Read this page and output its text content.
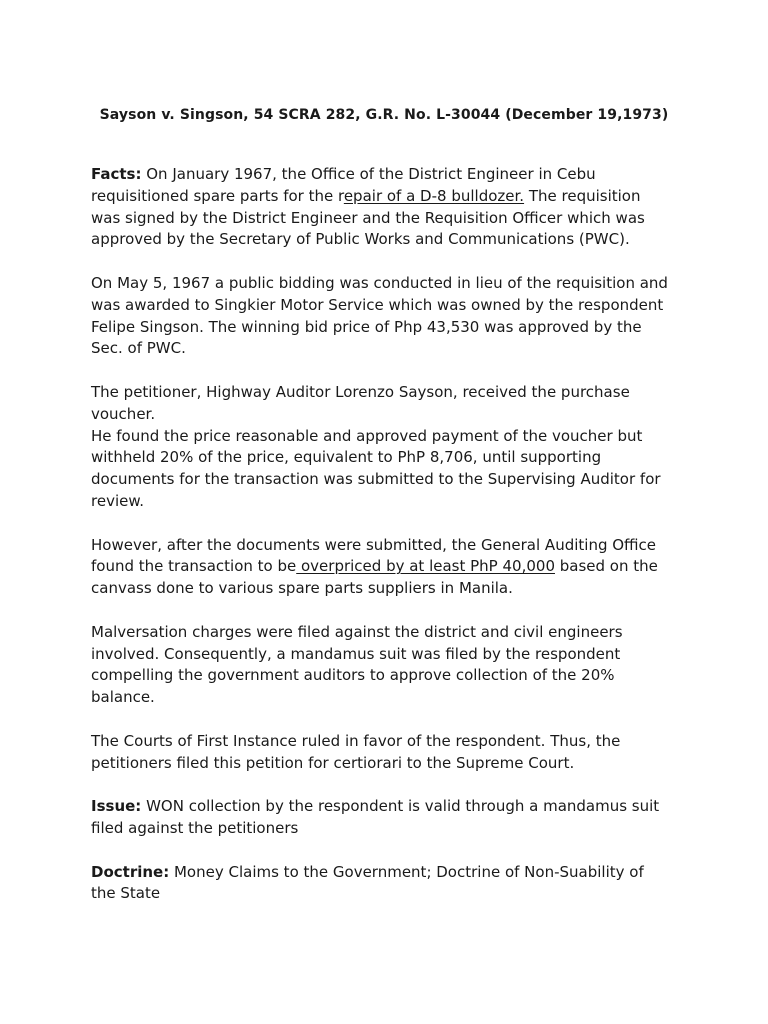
Sayson v. Singson, 54 SCRA 282, G.R. No. L-30044 (December 19,1973)
Facts: On January 1967, the Office of the District Engineer in Cebu
requisitioned spare parts for the repair of a D-8 bulldozer. The requisition
was signed by the District Engineer and the Requisition Officer which was
approved by the Secretary of Public Works and Communications (PWC).
On May 5, 1967 a public bidding was conducted in lieu of the requisition and
was awarded to Singkier Motor Service which was owned by the respondent
Felipe Singson. The winning bid price of Php 43,530 was approved by the
Sec. of PWC.
The petitioner, Highway Auditor Lorenzo Sayson, received the purchase
voucher.
He found the price reasonable and approved payment of the voucher but
withheld 20% of the price, equivalent to PhP 8,706, until supporting
documents for the transaction was submitted to the Supervising Auditor for
review.
However, after the documents were submitted, the General Auditing Office
found the transaction to be overpriced by at least PhP 40,000 based on the
canvass done to various spare parts suppliers in Manila.
Malversation charges were filed against the district and civil engineers
involved. Consequently, a mandamus suit was filed by the respondent
compelling the government auditors to approve collection of the 20%
balance.
The Courts of First Instance ruled in favor of the respondent. Thus, the
petitioners filed this petition for certiorari to the Supreme Court.
Issue: WON collection by the respondent is valid through a mandamus suit
filed against the petitioners
Doctrine: Money Claims to the Government; Doctrine of Non-Suability of
the State
